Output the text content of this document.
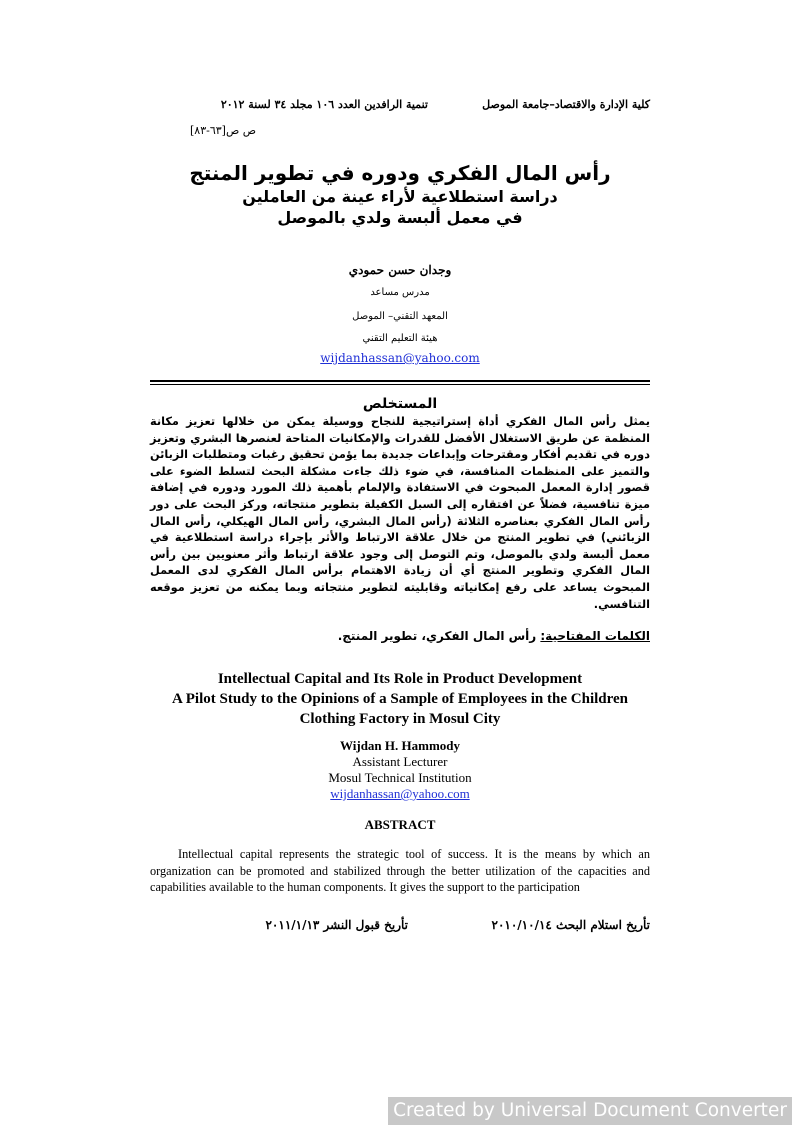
كلية الإدارة والاقتصاد–جامعة الموصل
تنمية الرافدين العدد ١٠٦ مجلد ٣٤ لسنة ٢٠١٢
ص ص[٦٣-٨٣]
رأس المال الفكري ودوره في تطوير المنتج
دراسة استطلاعية لأراء عينة من العاملين
في معمل ألبسة ولدي بالموصل
وجدان حسن حمودي
مدرس مساعد
المعهد التقني– الموصل
هيئة التعليم التقني
wijdanhassan@yahoo.com
المستخلص
يمثل رأس المال الفكري أداة إستراتيجية للنجاح ووسيلة يمكن من خلالها تعزيز مكانة المنظمة عن طريق الاستغلال الأفضل للقدرات والإمكانيات المتاحة لعنصرها البشري وتعزيز دوره في تقديم أفكار ومقترحات وإبداعات جديدة بما يؤمن تحقيق رغبات ومتطلبات الزبائن والتميز على المنظمات المنافسة، في ضوء ذلك جاءت مشكلة البحث لتسلط الضوء على قصور إدارة المعمل المبحوث في الاستفادة والإلمام بأهمية ذلك المورد ودوره في إضافة ميزة تنافسية، فضلاً عن افتقاره إلى السبل الكفيلة بتطوير منتجاته، وركز البحث على دور رأس المال الفكري بعناصره الثلاثة (رأس المال البشري، رأس المال الهيكلي، رأس المال الزبائني) في تطوير المنتج من خلال علاقة الارتباط والأثر بإجراء دراسة استطلاعية في معمل ألبسة ولدي بالموصل، وتم التوصل إلى وجود علاقة ارتباط وأثر معنويين بين رأس المال الفكري وتطوير المنتج أي أن زيادة الاهتمام برأس المال الفكري لدى المعمل المبحوث يساعد على رفع إمكانياته وقابليته لتطوير منتجاته وبما يمكنه من تعزيز موقعه التنافسي.
الكلمات المفتاحية: رأس المال الفكري، تطوير المنتج.
Intellectual Capital and Its Role in Product Development
A Pilot Study to the Opinions of a Sample of Employees in the Children
Clothing Factory in Mosul City
Wijdan H. Hammody
Assistant Lecturer
Mosul Technical Institution
wijdanhassan@yahoo.com
ABSTRACT
Intellectual capital represents the strategic tool of success. It is the means by which an organization can be promoted and stabilized through the better utilization of the capacities and capabilities available to the human components. It gives the support to the participation
تأريخ استلام البحث ٢٠١٠/١٠/١٤
تأريخ قبول النشر ٢٠١١/١/١٣
Created by Universal Document Converter
